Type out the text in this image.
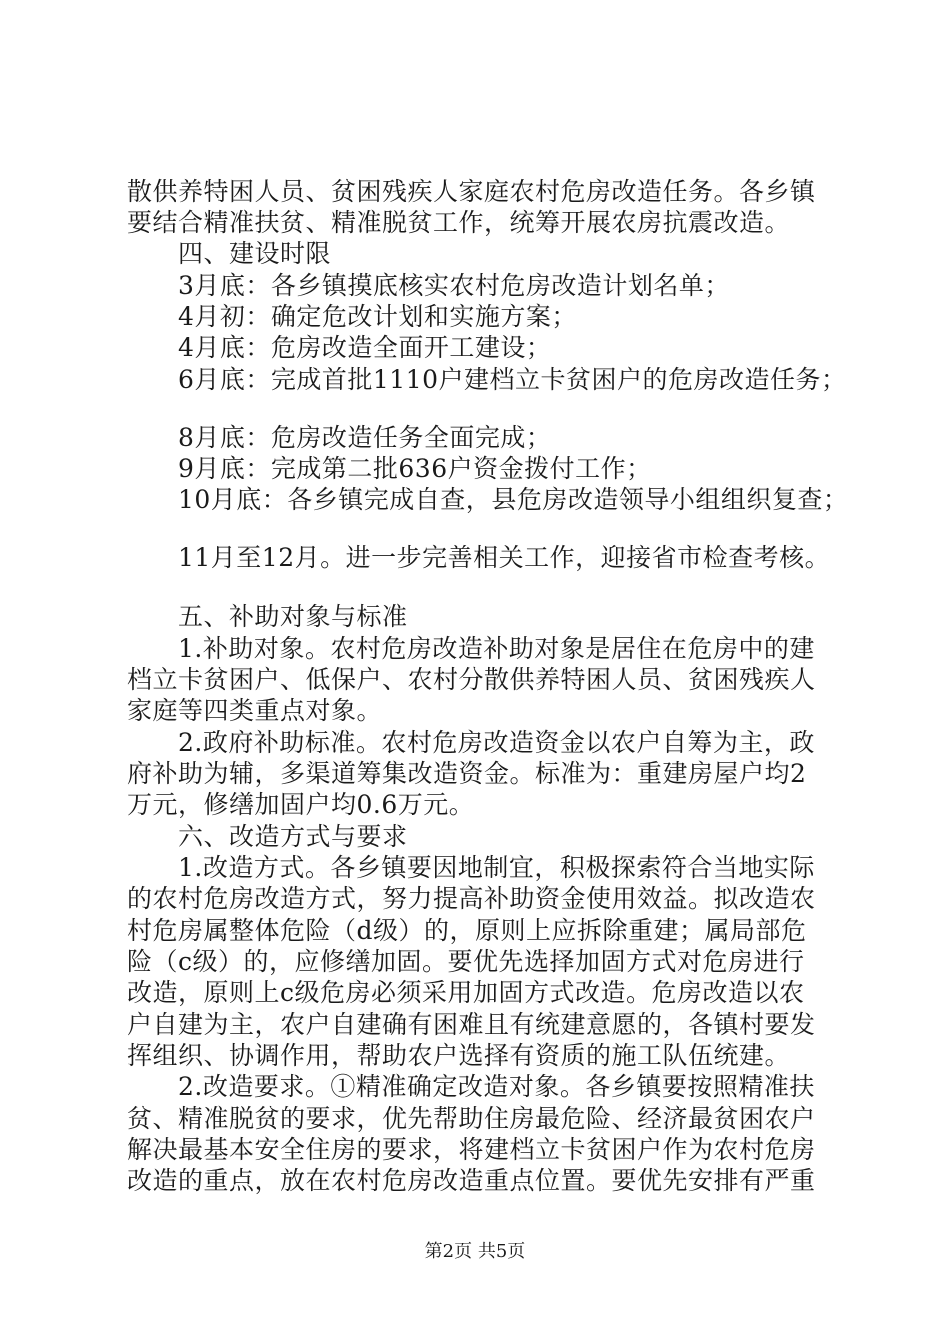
散供养特困人员、贫困残疾人家庭农村危房改造任务。各乡镇
要结合精准扶贫、精准脱贫工作，统筹开展农房抗震改造。
四、建设时限
3月底：各乡镇摸底核实农村危房改造计划名单；
4月初：确定危改计划和实施方案；
4月底：危房改造全面开工建设；
6月底：完成首批1110户建档立卡贫困户的危房改造任务；
8月底：危房改造任务全面完成；
9月底：完成第二批636户资金拨付工作；
10月底：各乡镇完成自查，县危房改造领导小组组织复查；
11月至12月。进一步完善相关工作，迎接省市检查考核。
五、补助对象与标准
1.补助对象。农村危房改造补助对象是居住在危房中的建
档立卡贫困户、低保户、农村分散供养特困人员、贫困残疾人
家庭等四类重点对象。
2.政府补助标准。农村危房改造资金以农户自筹为主，政
府补助为辅，多渠道筹集改造资金。标准为：重建房屋户均2
万元，修缮加固户均0.6万元。
六、改造方式与要求
1.改造方式。各乡镇要因地制宜，积极探索符合当地实际
的农村危房改造方式，努力提高补助资金使用效益。拟改造农
村危房属整体危险（d级）的，原则上应拆除重建；属局部危
险（c级）的，应修缮加固。要优先选择加固方式对危房进行
改造，原则上c级危房必须采用加固方式改造。危房改造以农
户自建为主，农户自建确有困难且有统建意愿的，各镇村要发
挥组织、协调作用，帮助农户选择有资质的施工队伍统建。
2.改造要求。①精准确定改造对象。各乡镇要按照精准扶
贫、精准脱贫的要求，优先帮助住房最危险、经济最贫困农户
解决最基本安全住房的要求，将建档立卡贫困户作为农村危房
改造的重点，放在农村危房改造重点位置。要优先安排有严重
第2页 共5页
